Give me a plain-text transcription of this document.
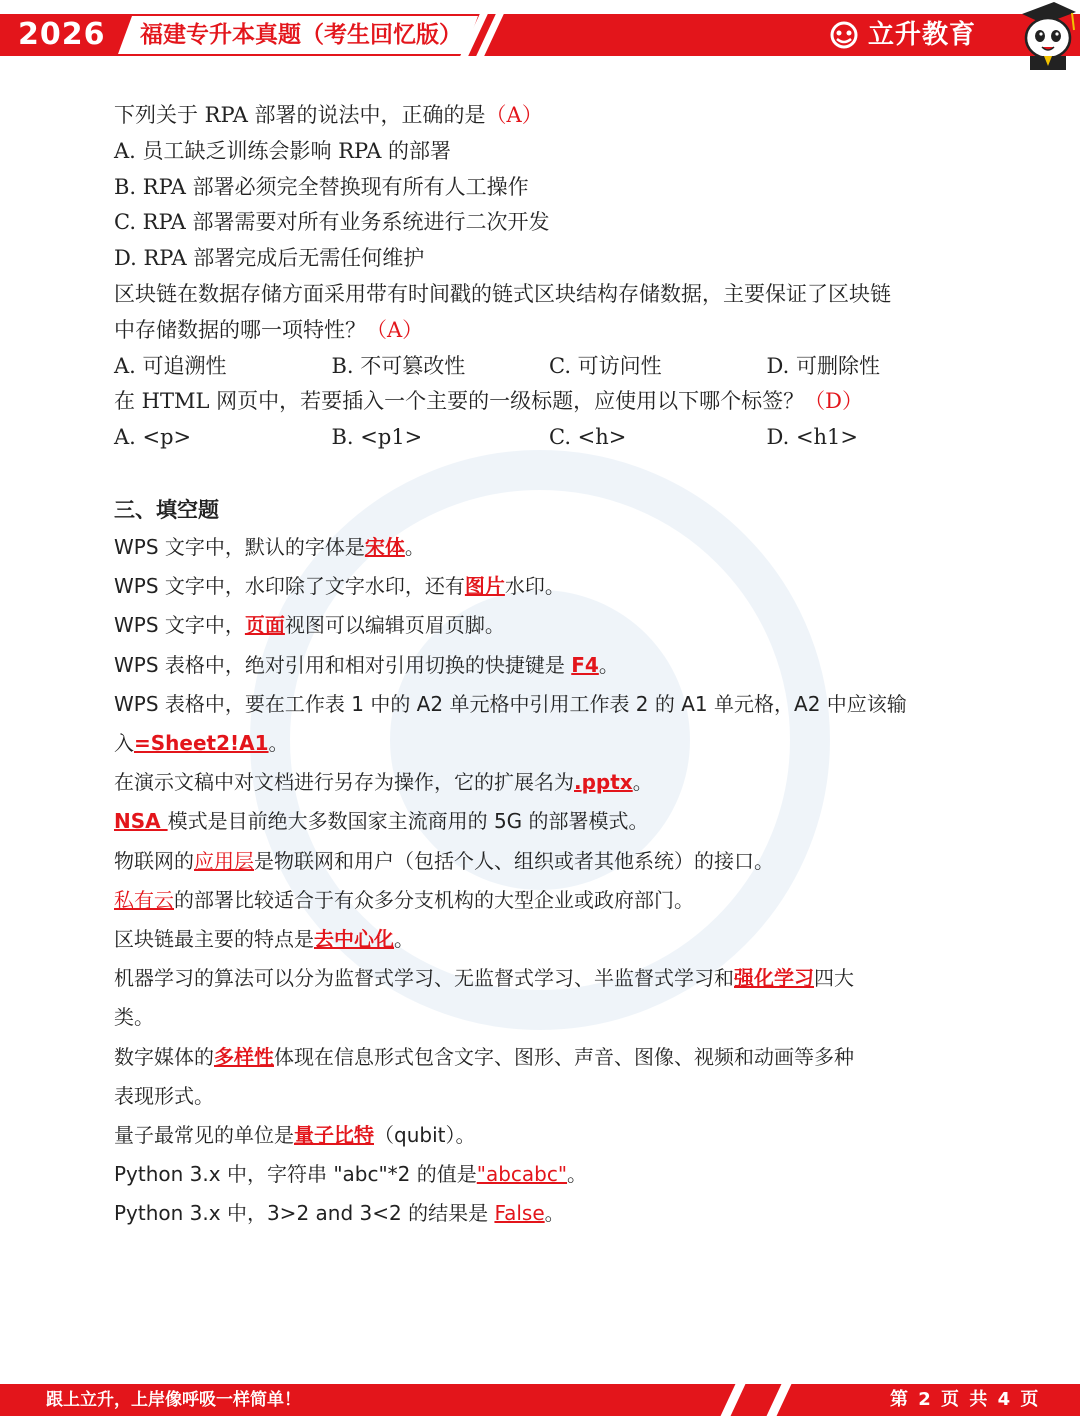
2026 福建专升本真题（考生回忆版）	立升教育
下列关于 RPA 部署的说法中，正确的是（A）
A. 员工缺乏训练会影响 RPA 的部署
B. RPA 部署必须完全替换现有所有人工操作
C. RPA 部署需要对所有业务系统进行二次开发
D. RPA 部署完成后无需任何维护
区块链在数据存储方面采用带有时间戳的链式区块结构存储数据，主要保证了区块链
中存储数据的哪一项特性？（A）
A. 可追溯性	B. 不可篡改性	C. 可访问性	D. 可删除性
在 HTML 网页中，若要插入一个主要的一级标题，应使用以下哪个标签？（D）
A. <p>	B. <p1>	C. <h>	D. <h1>
三、填空题
WPS 文字中，默认的字体是宋体。
WPS 文字中，水印除了文字水印，还有图片水印。
WPS 文字中，页面视图可以编辑页眉页脚。
WPS 表格中，绝对引用和相对引用切换的快捷键是 F4。
WPS 表格中，要在工作表 1 中的 A2 单元格中引用工作表 2 的 A1 单元格，A2 中应该输
入=Sheet2!A1。
在演示文稿中对文档进行另存为操作，它的扩展名为.pptx。
NSA 模式是目前绝大多数国家主流商用的 5G 的部署模式。
物联网的应用层是物联网和用户（包括个人、组织或者其他系统）的接口。
私有云的部署比较适合于有众多分支机构的大型企业或政府部门。
区块链最主要的特点是去中心化。
机器学习的算法可以分为监督式学习、无监督式学习、半监督式学习和强化学习四大
类。
数字媒体的多样性体现在信息形式包含文字、图形、声音、图像、视频和动画等多种
表现形式。
量子最常见的单位是量子比特（qubit）。
Python 3.x 中，字符串 "abc"*2 的值是"abcabc"。
Python 3.x 中，3>2 and 3<2 的结果是 False。
跟上立升，上岸像呼吸一样简单！	第 2 页 共 4 页
